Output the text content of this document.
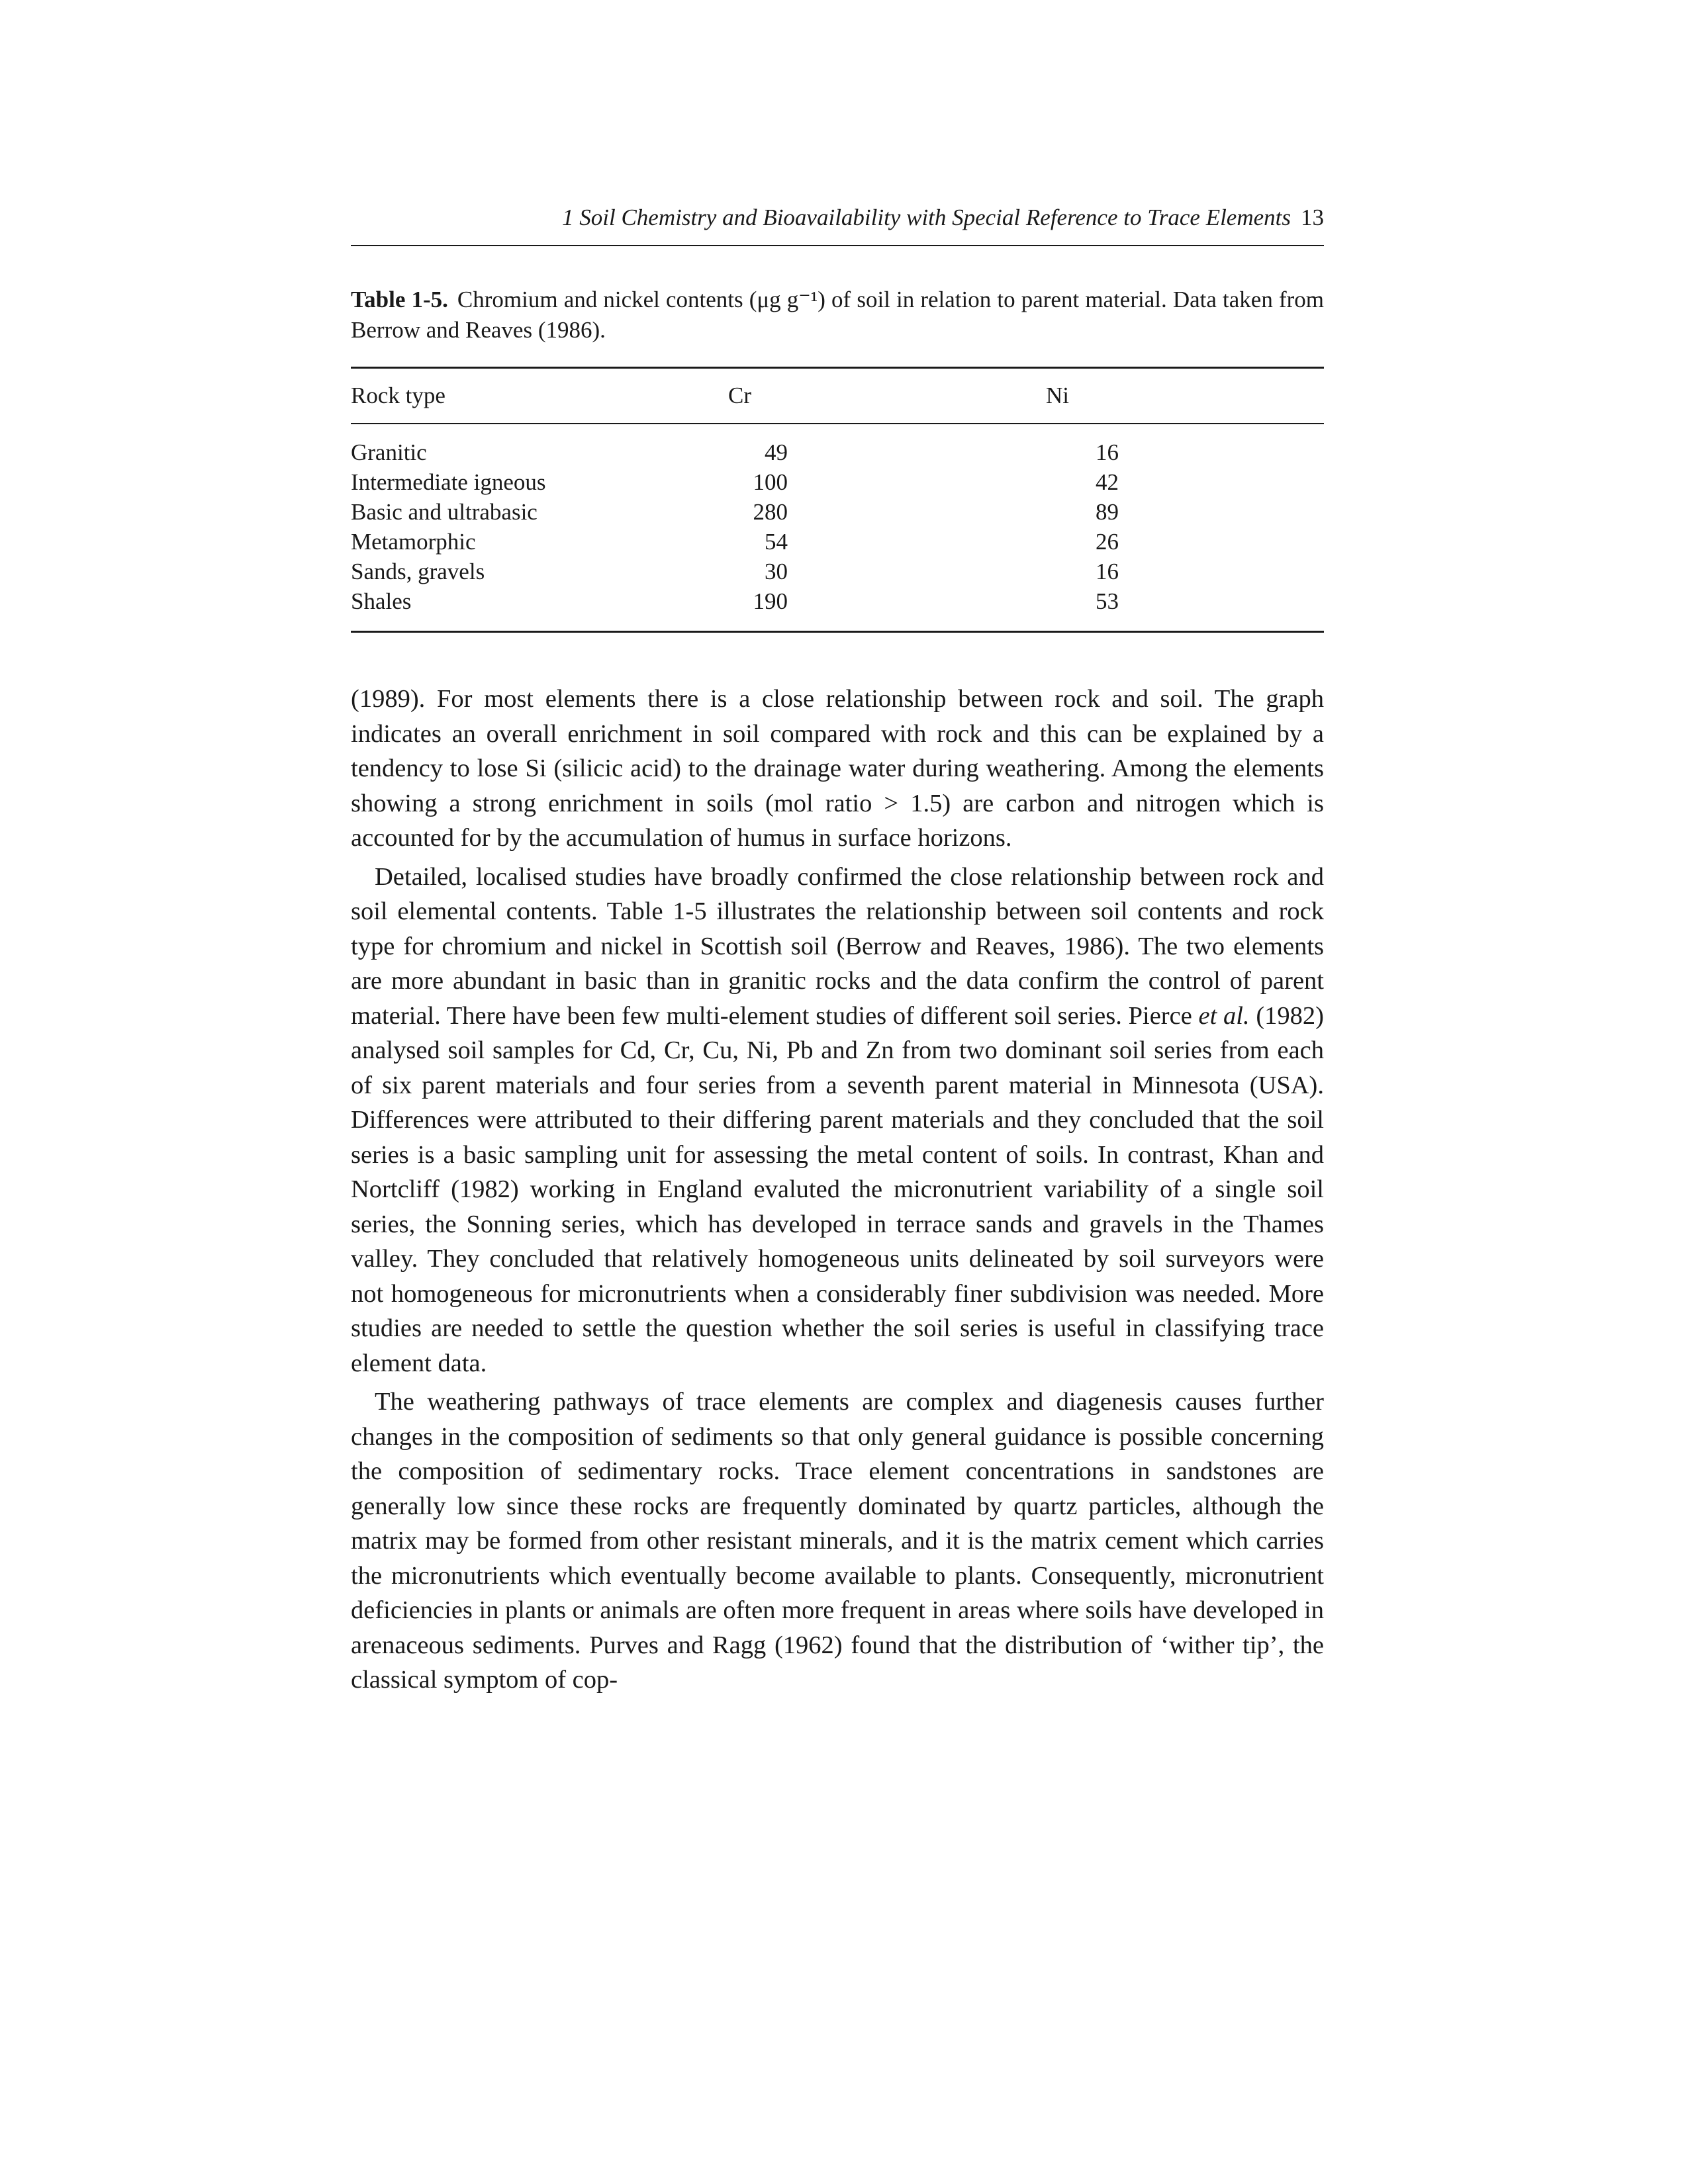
1 Soil Chemistry and Bioavailability with Special Reference to Trace Elements 13
Table 1-5. Chromium and nickel contents (μg g⁻¹) of soil in relation to parent material. Data taken from Berrow and Reaves (1986).
Rock type	Cr	Ni
Granitic	49	16
Intermediate igneous	100	42
Basic and ultrabasic	280	89
Metamorphic	54	26
Sands, gravels	30	16
Shales	190	53

(1989). For most elements there is a close relationship between rock and soil. The graph indicates an overall enrichment in soil compared with rock and this can be explained by a tendency to lose Si (silicic acid) to the drainage water during weathering. Among the elements showing a strong enrichment in soils (mol ratio > 1.5) are carbon and nitrogen which is accounted for by the accumulation of humus in surface horizons.

Detailed, localised studies have broadly confirmed the close relationship between rock and soil elemental contents. Table 1-5 illustrates the relationship between soil contents and rock type for chromium and nickel in Scottish soil (Berrow and Reaves, 1986). The two elements are more abundant in basic than in granitic rocks and the data confirm the control of parent material. There have been few multi-element studies of different soil series. Pierce et al. (1982) analysed soil samples for Cd, Cr, Cu, Ni, Pb and Zn from two dominant soil series from each of six parent materials and four series from a seventh parent material in Minnesota (USA). Differences were attributed to their differing parent materials and they concluded that the soil series is a basic sampling unit for assessing the metal content of soils. In contrast, Khan and Nortcliff (1982) working in England evaluted the micronutrient variability of a single soil series, the Sonning series, which has developed in terrace sands and gravels in the Thames valley. They concluded that relatively homogeneous units delineated by soil surveyors were not homogeneous for micronutrients when a considerably finer subdivision was needed. More studies are needed to settle the question whether the soil series is useful in classifying trace element data.

The weathering pathways of trace elements are complex and diagenesis causes further changes in the composition of sediments so that only general guidance is possible concerning the composition of sedimentary rocks. Trace element concentrations in sandstones are generally low since these rocks are frequently dominated by quartz particles, although the matrix may be formed from other resistant minerals, and it is the matrix cement which carries the micronutrients which eventually become available to plants. Consequently, micronutrient deficiencies in plants or animals are often more frequent in areas where soils have developed in arenaceous sediments. Purves and Ragg (1962) found that the distribution of ‘wither tip’, the classical symptom of cop-
